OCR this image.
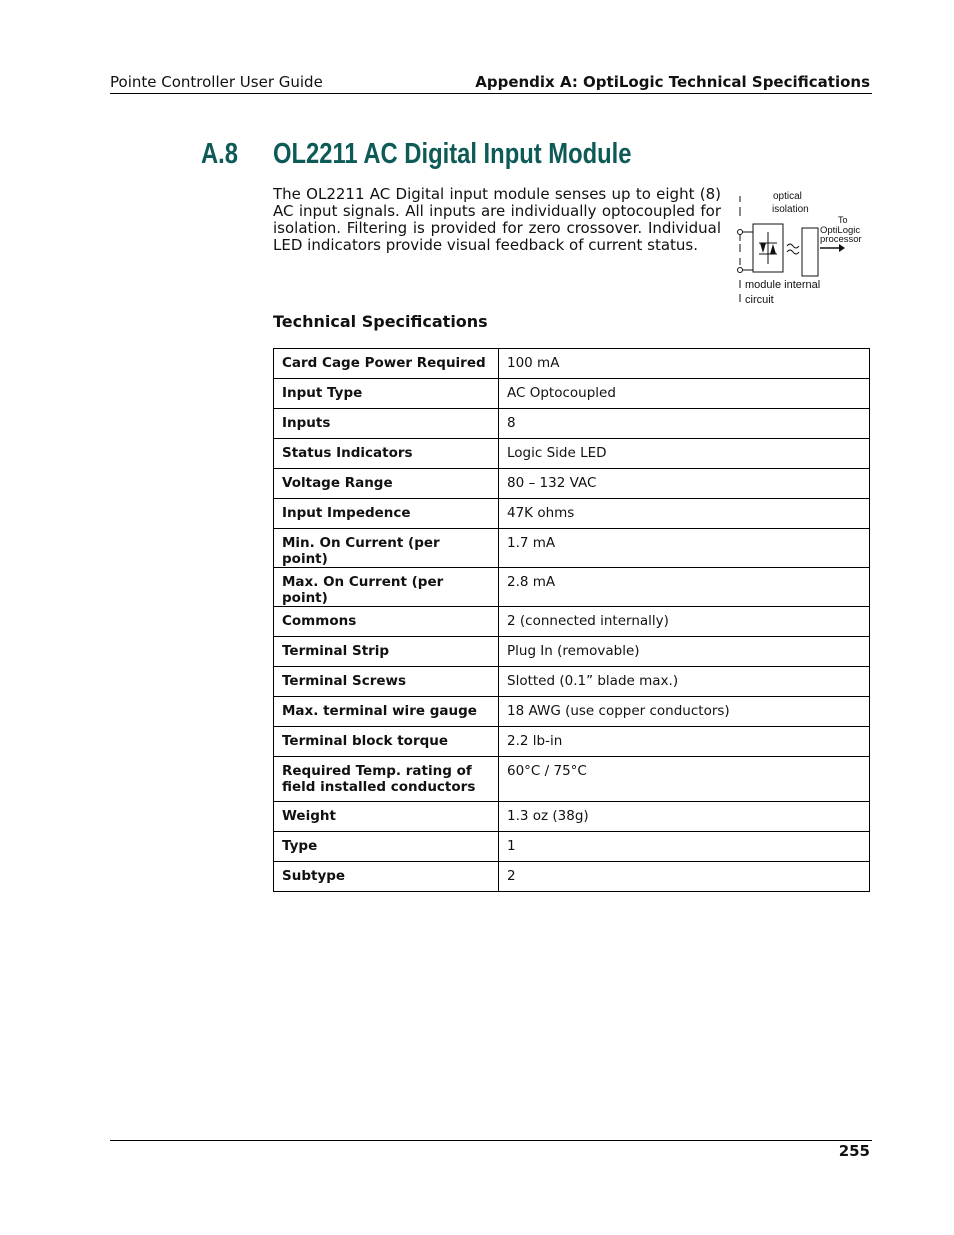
Pointe Controller User Guide	Appendix A: OptiLogic Technical Specifications
A.8 OL2211 AC Digital Input Module

The OL2211 AC Digital input module senses up to eight (8) AC input signals. All inputs are individually optocoupled for isolation. Filtering is provided for zero crossover. Individual LED indicators provide visual feedback of current status.

optical
isolation
To
OptiLogic
processor
module internal
circuit
Technical Specifications
Card Cage Power Required	100 mA
Input Type	AC Optocoupled
Inputs	8
Status Indicators	Logic Side LED
Voltage Range	80 – 132 VAC
Input Impedence	47K ohms
Min. On Current (per point)	1.7 mA
Max. On Current (per point)	2.8 mA
Commons	2 (connected internally)
Terminal Strip	Plug In (removable)
Terminal Screws	Slotted (0.1” blade max.)
Max. terminal wire gauge	18 AWG (use copper conductors)
Terminal block torque	2.2 lb-in
Required Temp. rating of field installed conductors	60°C / 75°C
Weight	1.3 oz (38g)
Type	1
Subtype	2
255
